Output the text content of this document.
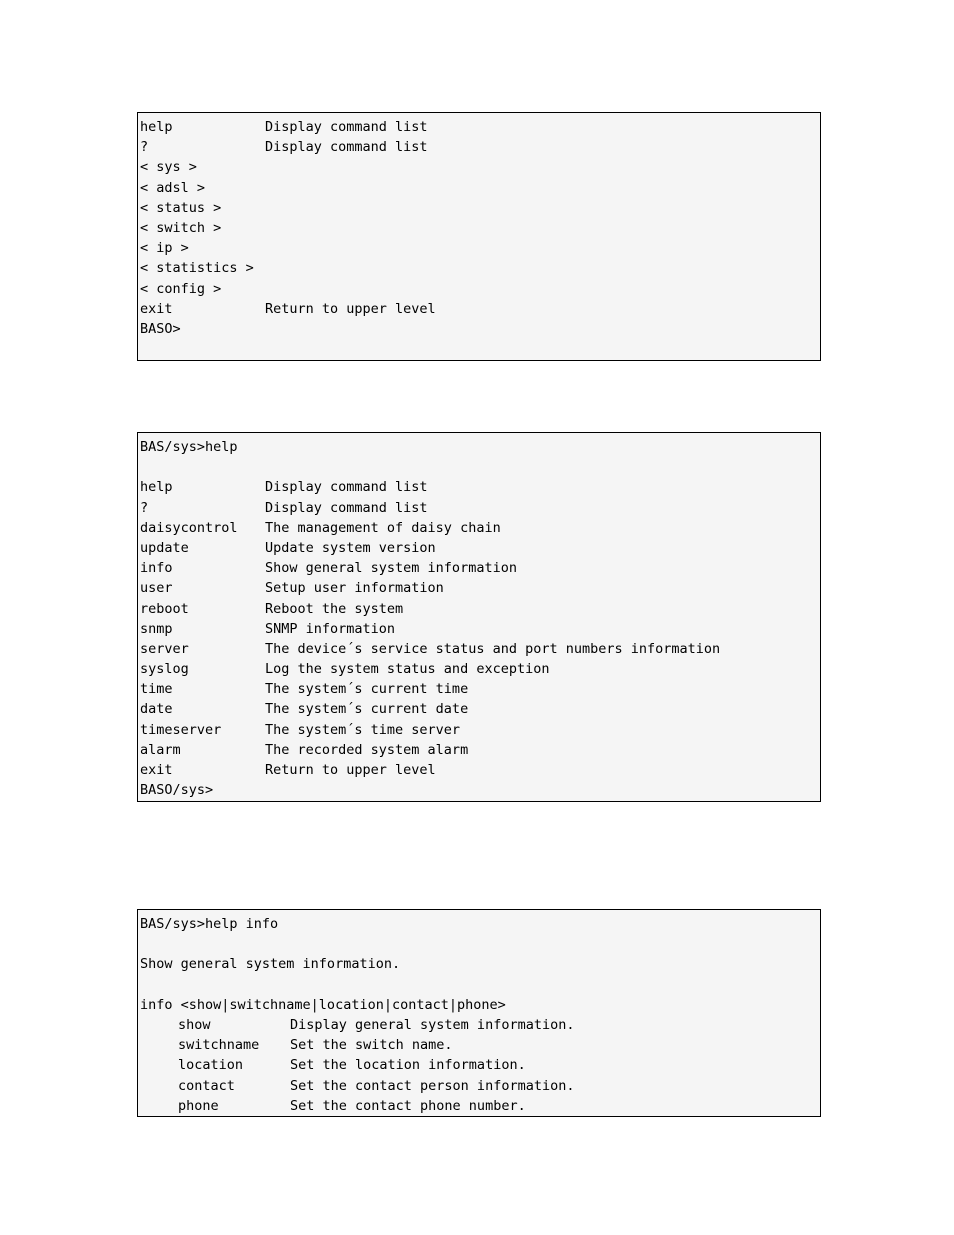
help	Display command list
?	Display command list
< sys >
< adsl >
< status >
< switch >
< ip >
< statistics >
< config >
exit	Return to upper level
BASO>
BAS/sys>help
help	Display command list
?	Display command list
daisycontrol The management of daisy chain
update	Update system version
info	Show general system information
user	Setup user information
reboot	Reboot the system
snmp	SNMP information
server	The device´s service status and port numbers information
syslog	Log the system status and exception
time	The system´s current time
date	The system´s current date
timeserver	The system´s time server
alarm	The recorded system alarm
exit	Return to upper level
BASO/sys>
BAS/sys>help info
Show general system information.
info <show|switchname|location|contact|phone>
show	Display general system information.
switchname Set the switch name.
location	Set the location information.
contact	Set the contact person information.
phone	Set the contact phone number.
